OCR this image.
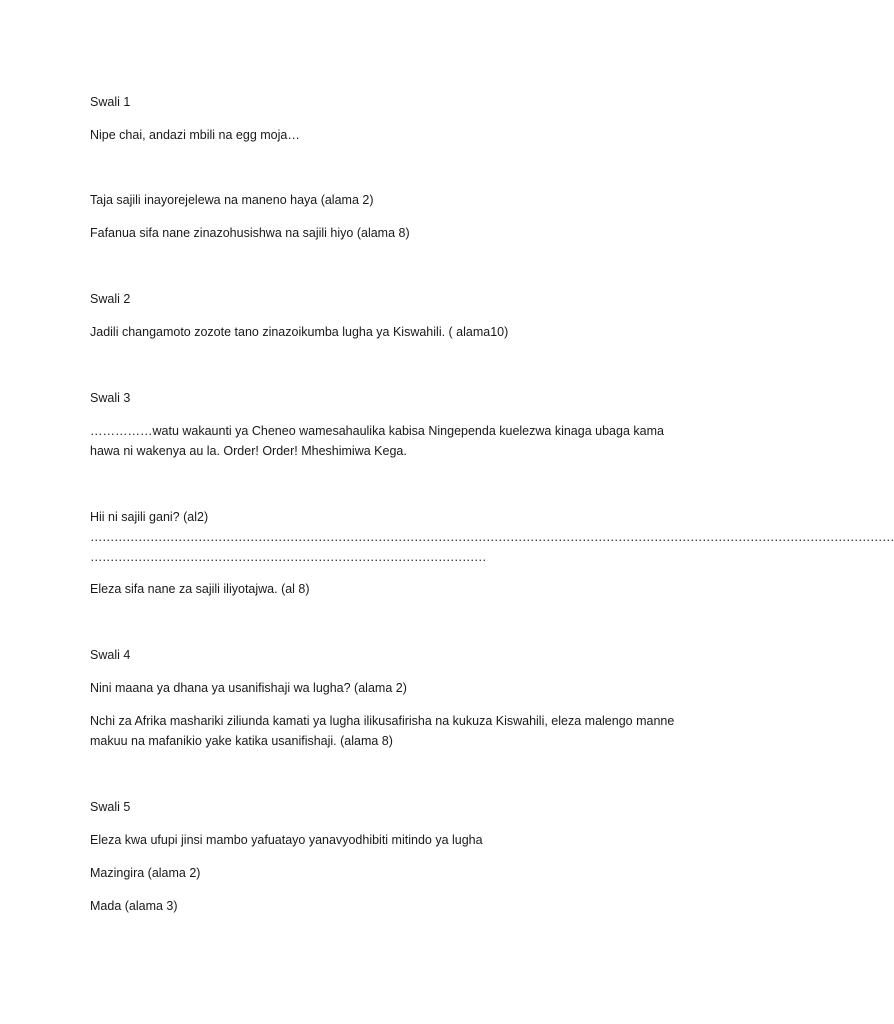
Swali 1
Nipe chai, andazi mbili na egg moja…
Taja sajili inayorejelewa na maneno haya (alama 2)
Fafanua sifa nane zinazohusishwa na sajili hiyo (alama 8)
Swali 2
Jadili changamoto zozote tano zinazoikumba lugha ya Kiswahili. ( alama10)
Swali 3
……………watu wakaunti ya Cheneo wamesahaulika kabisa Ningependa kuelezwa kinaga ubaga kama
hawa ni wakenya au la. Order! Order! Mheshimiwa Kega.
Hii ni sajili gani? (al2)
…………………………………………………………………………………………………………………………………………………………………………………
………………………………………………………………………………………
Eleza sifa nane za sajili iliyotajwa. (al 8)
Swali 4
Nini maana ya dhana ya usanifishaji wa lugha? (alama 2)
Nchi za Afrika mashariki ziliunda kamati ya lugha ilikusafirisha na kukuza Kiswahili, eleza malengo manne
makuu na mafanikio yake katika usanifishaji. (alama 8)
Swali 5
Eleza kwa ufupi jinsi mambo yafuatayo yanavyodhibiti mitindo ya lugha
Mazingira (alama 2)
Mada (alama 3)
